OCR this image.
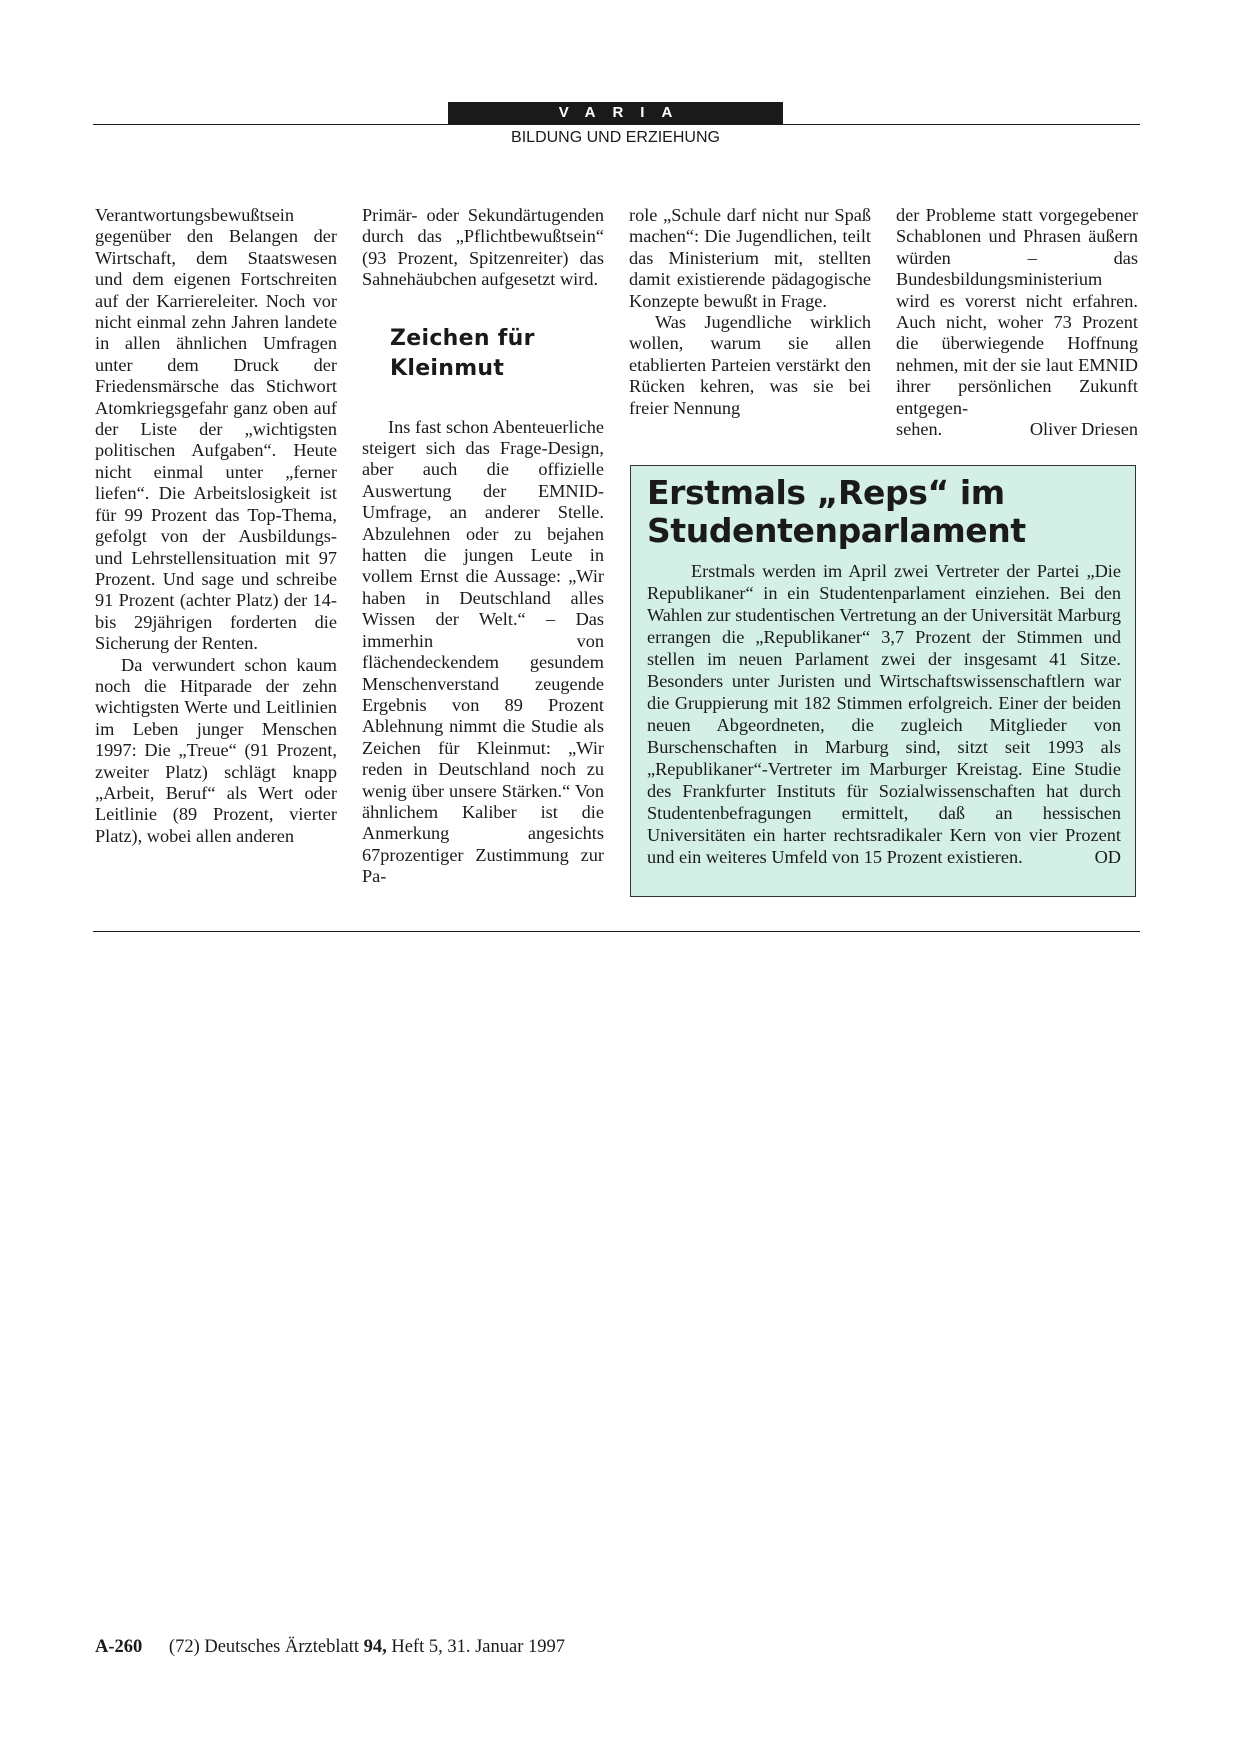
VARIA
BILDUNG UND ERZIEHUNG

Verantwortungsbewußtsein gegenüber den Belangen der Wirtschaft, dem Staatswesen und dem eigenen Fortschreiten auf der Karriereleiter. Noch vor nicht einmal zehn Jahren landete in allen ähnlichen Umfragen unter dem Druck der Friedensmärsche das Stichwort Atomkriegsgefahr ganz oben auf der Liste der „wichtigsten politischen Aufgaben“. Heute nicht einmal unter „ferner liefen“. Die Arbeitslosigkeit ist für 99 Prozent das Top-Thema, gefolgt von der Ausbildungs- und Lehrstellensituation mit 97 Prozent. Und sage und schreibe 91 Prozent (achter Platz) der 14- bis 29jährigen forderten die Sicherung der Renten.

Da verwundert schon kaum noch die Hitparade der zehn wichtigsten Werte und Leitlinien im Leben junger Menschen 1997: Die „Treue“ (91 Prozent, zweiter Platz) schlägt knapp „Arbeit, Beruf“ als Wert oder Leitlinie (89 Prozent, vierter Platz), wobei allen anderen

Primär- oder Sekundärtugenden durch das „Pflichtbewußtsein“ (93 Prozent, Spitzenreiter) das Sahnehäubchen aufgesetzt wird.

Zeichen für Kleinmut

Ins fast schon Abenteuerliche steigert sich das Frage-Design, aber auch die offizielle Auswertung der EMNID-Umfrage, an anderer Stelle. Abzulehnen oder zu bejahen hatten die jungen Leute in vollem Ernst die Aussage: „Wir haben in Deutschland alles Wissen der Welt.“ – Das immerhin von flächendeckendem gesundem Menschenverstand zeugende Ergebnis von 89 Prozent Ablehnung nimmt die Studie als Zeichen für Kleinmut: „Wir reden in Deutschland noch zu wenig über unsere Stärken.“ Von ähnlichem Kaliber ist die Anmerkung angesichts 67prozentiger Zustimmung zur Pa-

role „Schule darf nicht nur Spaß machen“: Die Jugendlichen, teilt das Ministerium mit, stellten damit existierende pädagogische Konzepte bewußt in Frage.

Was Jugendliche wirklich wollen, warum sie allen etablierten Parteien verstärkt den Rücken kehren, was sie bei freier Nennung

der Probleme statt vorgegebener Schablonen und Phrasen äußern würden – das Bundesbildungsministerium wird es vorerst nicht erfahren. Auch nicht, woher 73 Prozent die überwiegende Hoffnung nehmen, mit der sie laut EMNID ihrer persönlichen Zukunft entgegen-

sehen.	Oliver Driesen
Erstmals „Reps“ im
Studentenparlament

Erstmals werden im April zwei Vertreter der Partei „Die Republikaner“ in ein Studentenparlament einziehen. Bei den Wahlen zur studentischen Vertretung an der Universität Marburg errangen die „Republikaner“ 3,7 Prozent der Stimmen und stellen im neuen Parlament zwei der insgesamt 41 Sitze. Besonders unter Juristen und Wirtschaftswissenschaftlern war die Gruppierung mit 182 Stimmen erfolgreich. Einer der beiden neuen Abgeordneten, die zugleich Mitglieder von Burschenschaften in Marburg sind, sitzt seit 1993 als „Republikaner“-Vertreter im Marburger Kreistag. Eine Studie des Frankfurter Instituts für Sozialwissenschaften hat durch Studentenbefragungen ermittelt, daß an hessischen Universitäten ein harter rechtsradikaler Kern von vier Prozent und ein weiteres Umfeld von 15 Prozent existieren.	OD

A-260 (72) Deutsches Ärzteblatt 94, Heft 5, 31. Januar 1997
